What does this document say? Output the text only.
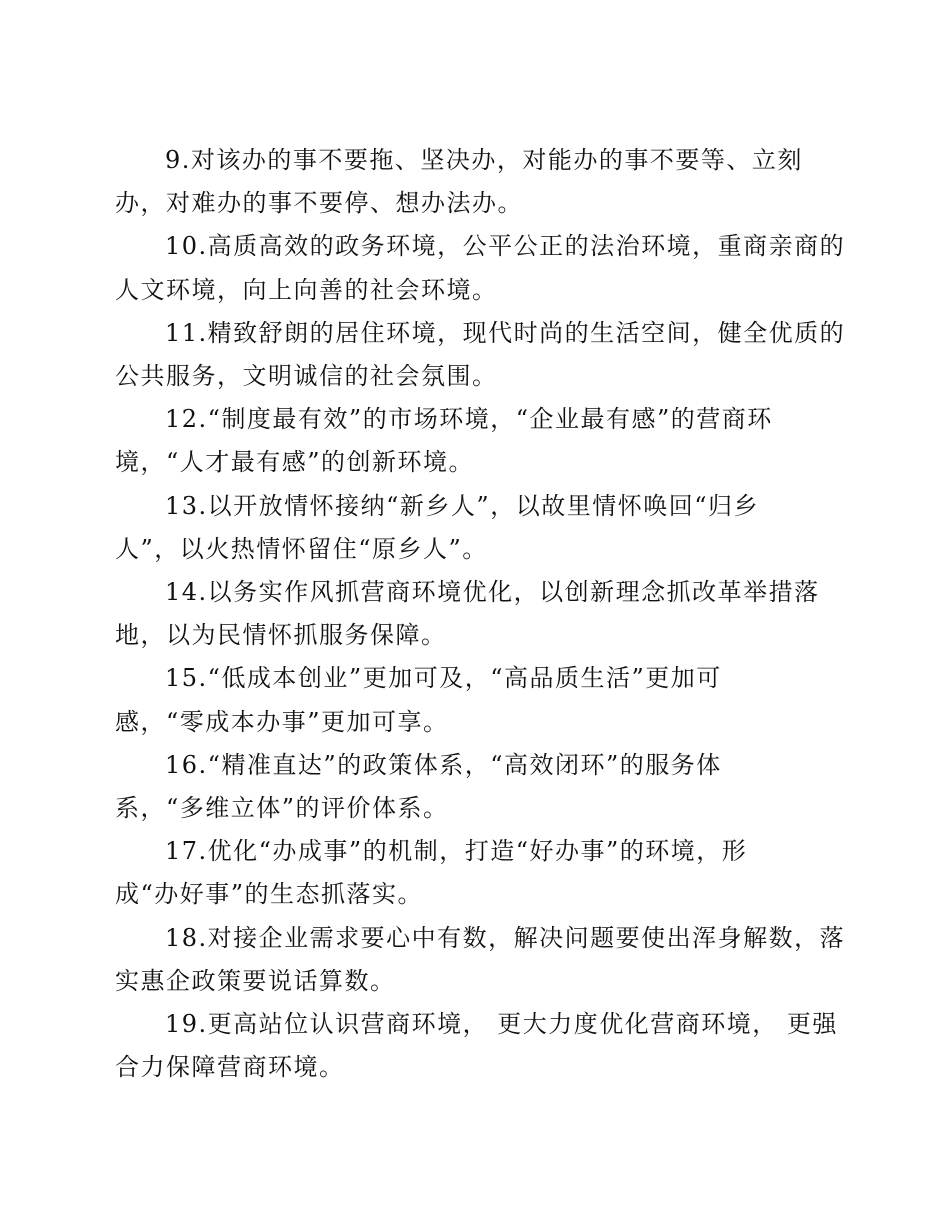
9.对该办的事不要拖、坚决办，对能办的事不要等、立刻
办，对难办的事不要停、想办法办。

10.高质高效的政务环境，公平公正的法治环境，重商亲商的
人文环境，向上向善的社会环境。

11.精致舒朗的居住环境，现代时尚的生活空间，健全优质的
公共服务，文明诚信的社会氛围。

12.“制度最有效”的市场环境，“企业最有感”的营商环
境，“人才最有感”的创新环境。

13.以开放情怀接纳“新乡人”，以故里情怀唤回“归乡
人”，以火热情怀留住“原乡人”。

14.以务实作风抓营商环境优化，以创新理念抓改革举措落
地，以为民情怀抓服务保障。

15.“低成本创业”更加可及，“高品质生活”更加可
感，“零成本办事”更加可享。

16.“精准直达”的政策体系，“高效闭环”的服务体
系，“多维立体”的评价体系。

17.优化“办成事”的机制，打造“好办事”的环境，形
成“办好事”的生态抓落实。

18.对接企业需求要心中有数，解决问题要使出浑身解数，落
实惠企政策要说话算数。

19.更高站位认识营商环境， 更大力度优化营商环境， 更强
合力保障营商环境。
